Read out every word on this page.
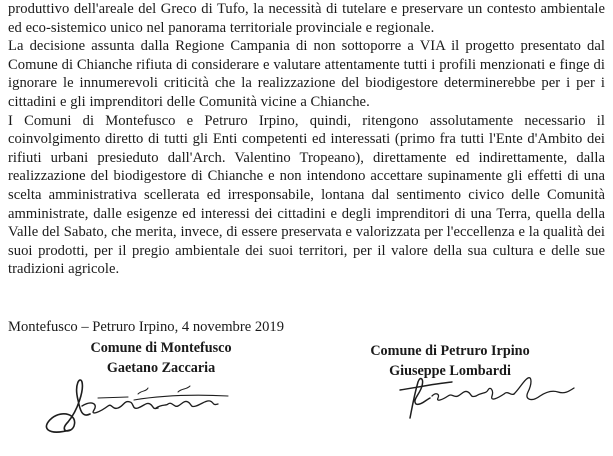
produttivo dell'areale del Greco di Tufo, la necessità di tutelare e preservare un contesto ambientale ed eco-sistemico unico nel panorama territoriale provinciale e regionale.

La decisione assunta dalla Regione Campania di non sottoporre a VIA il progetto presentato dal Comune di Chianche rifiuta di considerare e valutare attentamente tutti i profili menzionati e finge di ignorare le innumerevoli criticità che la realizzazione del biodigestore determinerebbe per i per i cittadini e gli imprenditori delle Comunità vicine a Chianche.

I Comuni di Montefusco e Petruro Irpino, quindi, ritengono assolutamente necessario il coinvolgimento diretto di tutti gli Enti competenti ed interessati (primo fra tutti l'Ente d'Ambito dei rifiuti urbani presieduto dall'Arch. Valentino Tropeano), direttamente ed indirettamente, dalla realizzazione del biodigestore di Chianche e non intendono accettare supinamente gli effetti di una scelta amministrativa scellerata ed irresponsabile, lontana dal sentimento civico delle Comunità amministrate, dalle esigenze ed interessi dei cittadini e degli imprenditori di una Terra, quella della Valle del Sabato, che merita, invece, di essere preservata e valorizzata per l'eccellenza e la qualità dei suoi prodotti, per il pregio ambientale dei suoi territori, per il valore della sua cultura e delle sue tradizioni agricole.

Montefusco – Petruro Irpino, 4 novembre 2019
Comune di Montefusco
Gaetano Zaccaria
Comune di Petruro Irpino
Giuseppe Lombardi
